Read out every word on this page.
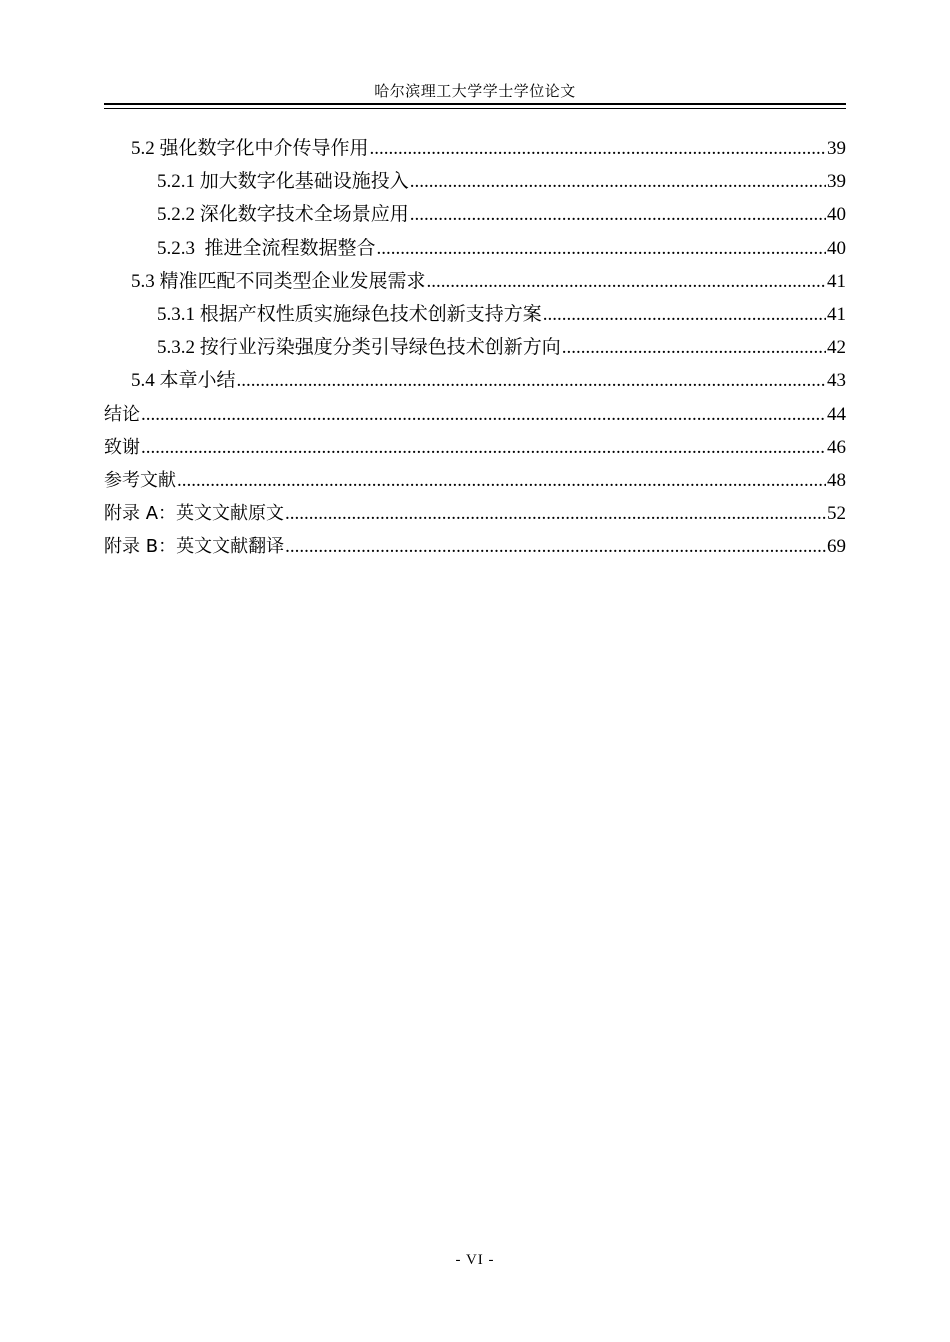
哈尔滨理工大学学士学位论文
5.2 强化数字化中介传导作用 .....	39
5.2.1 加大数字化基础设施投入 .....	39
5.2.2 深化数字技术全场景应用 .....	40
5.2.3  推进全流程数据整合 .....	40
5.3 精准匹配不同类型企业发展需求 .....	41
5.3.1 根据产权性质实施绿色技术创新支持方案 .....	41
5.3.2 按行业污染强度分类引导绿色技术创新方向 .....	42
5.4 本章小结 .....	43
结论 .....	44
致谢 .....	46
参考文献 .....	48
附录 A：英文文献原文 .....	52
附录 B：英文文献翻译 .....	69
- VI -
